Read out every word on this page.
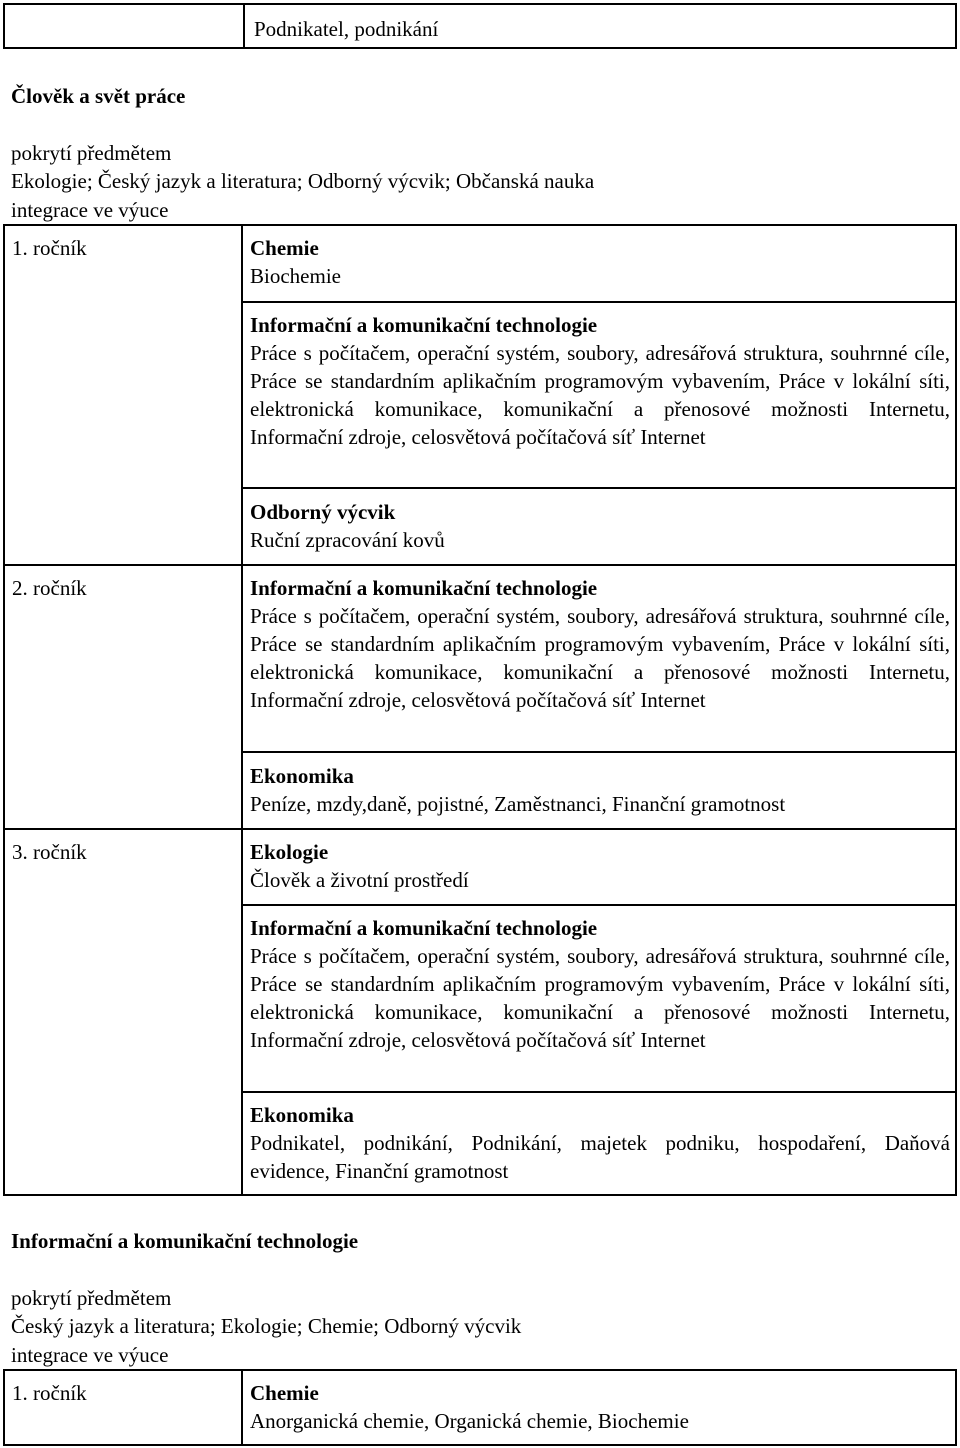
Podnikatel, podnikání
Člověk a svět práce
pokrytí předmětem
Ekologie; Český jazyk a literatura; Odborný výcvik; Občanská nauka
integrace ve výuce
1. ročník	Chemie
Biochemie
Informační a komunikační technologie
Práce s počítačem, operační systém, soubory, adresářová struktura, souhrnné cíle, Práce se standardním aplikačním programovým vybavením, Práce v lokální síti, elektronická komunikace, komunikační a přenosové možnosti Internetu, Informační zdroje, celosvětová počítačová síť Internet
Odborný výcvik
Ruční zpracování kovů
2. ročník	Informační a komunikační technologie
Práce s počítačem, operační systém, soubory, adresářová struktura, souhrnné cíle, Práce se standardním aplikačním programovým vybavením, Práce v lokální síti, elektronická komunikace, komunikační a přenosové možnosti Internetu, Informační zdroje, celosvětová počítačová síť Internet
Ekonomika
Peníze, mzdy,daně, pojistné, Zaměstnanci, Finanční gramotnost
3. ročník	Ekologie
Člověk a životní prostředí
Informační a komunikační technologie
Práce s počítačem, operační systém, soubory, adresářová struktura, souhrnné cíle, Práce se standardním aplikačním programovým vybavením, Práce v lokální síti, elektronická komunikace, komunikační a přenosové možnosti Internetu, Informační zdroje, celosvětová počítačová síť Internet
Ekonomika
Podnikatel, podnikání, Podnikání, majetek podniku, hospodaření, Daňová evidence, Finanční gramotnost
Informační a komunikační technologie
pokrytí předmětem
Český jazyk a literatura; Ekologie; Chemie; Odborný výcvik
integrace ve výuce
1. ročník	Chemie
Anorganická chemie, Organická chemie, Biochemie
